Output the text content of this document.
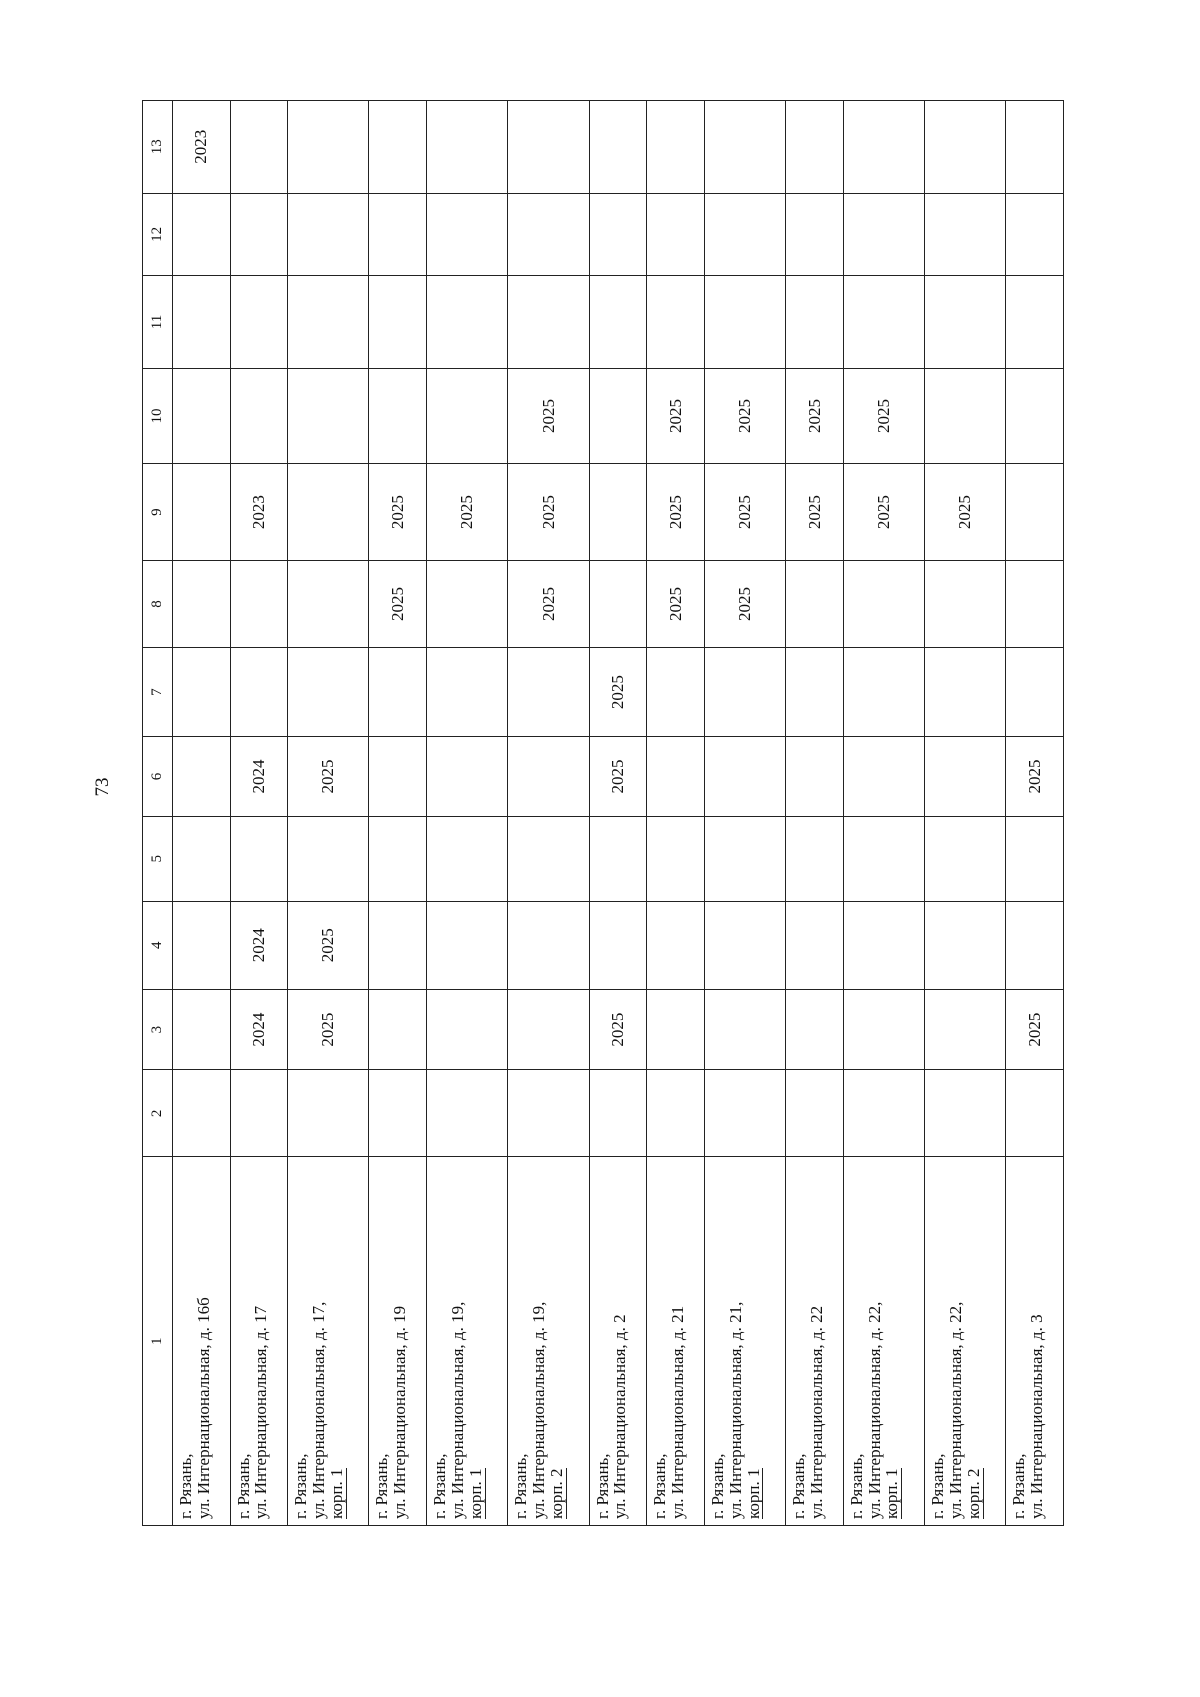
73
1	2	3	4	5	6	7	8	9	10	11	12	13

г. Рязань,
ул. Интернациональная, д. 16б												2023

г. Рязань,
ул. Интернациональная, д. 17		2024	2024		2024			2023				

г. Рязань,
ул. Интернациональная, д. 17,
корп. 1		2025	2025		2025							

г. Рязань,
ул. Интернациональная, д. 19							2025	2025				

г. Рязань,
ул. Интернациональная, д. 19,
корп. 1								2025				

г. Рязань,
ул. Интернациональная, д. 19,
корп. 2							2025	2025	2025			

г. Рязань,
ул. Интернациональная, д. 2		2025			2025	2025						

г. Рязань,
ул. Интернациональная, д. 21							2025	2025	2025			

г. Рязань,
ул. Интернациональная, д. 21,
корп. 1							2025	2025	2025			

г. Рязань,
ул. Интернациональная, д. 22								2025	2025			

г. Рязань,
ул. Интернациональная, д. 22,
корп. 1								2025	2025			

г. Рязань,
ул. Интернациональная, д. 22,
корп. 2								2025				

г. Рязань,
ул. Интернациональная, д. 3		2025			2025							
